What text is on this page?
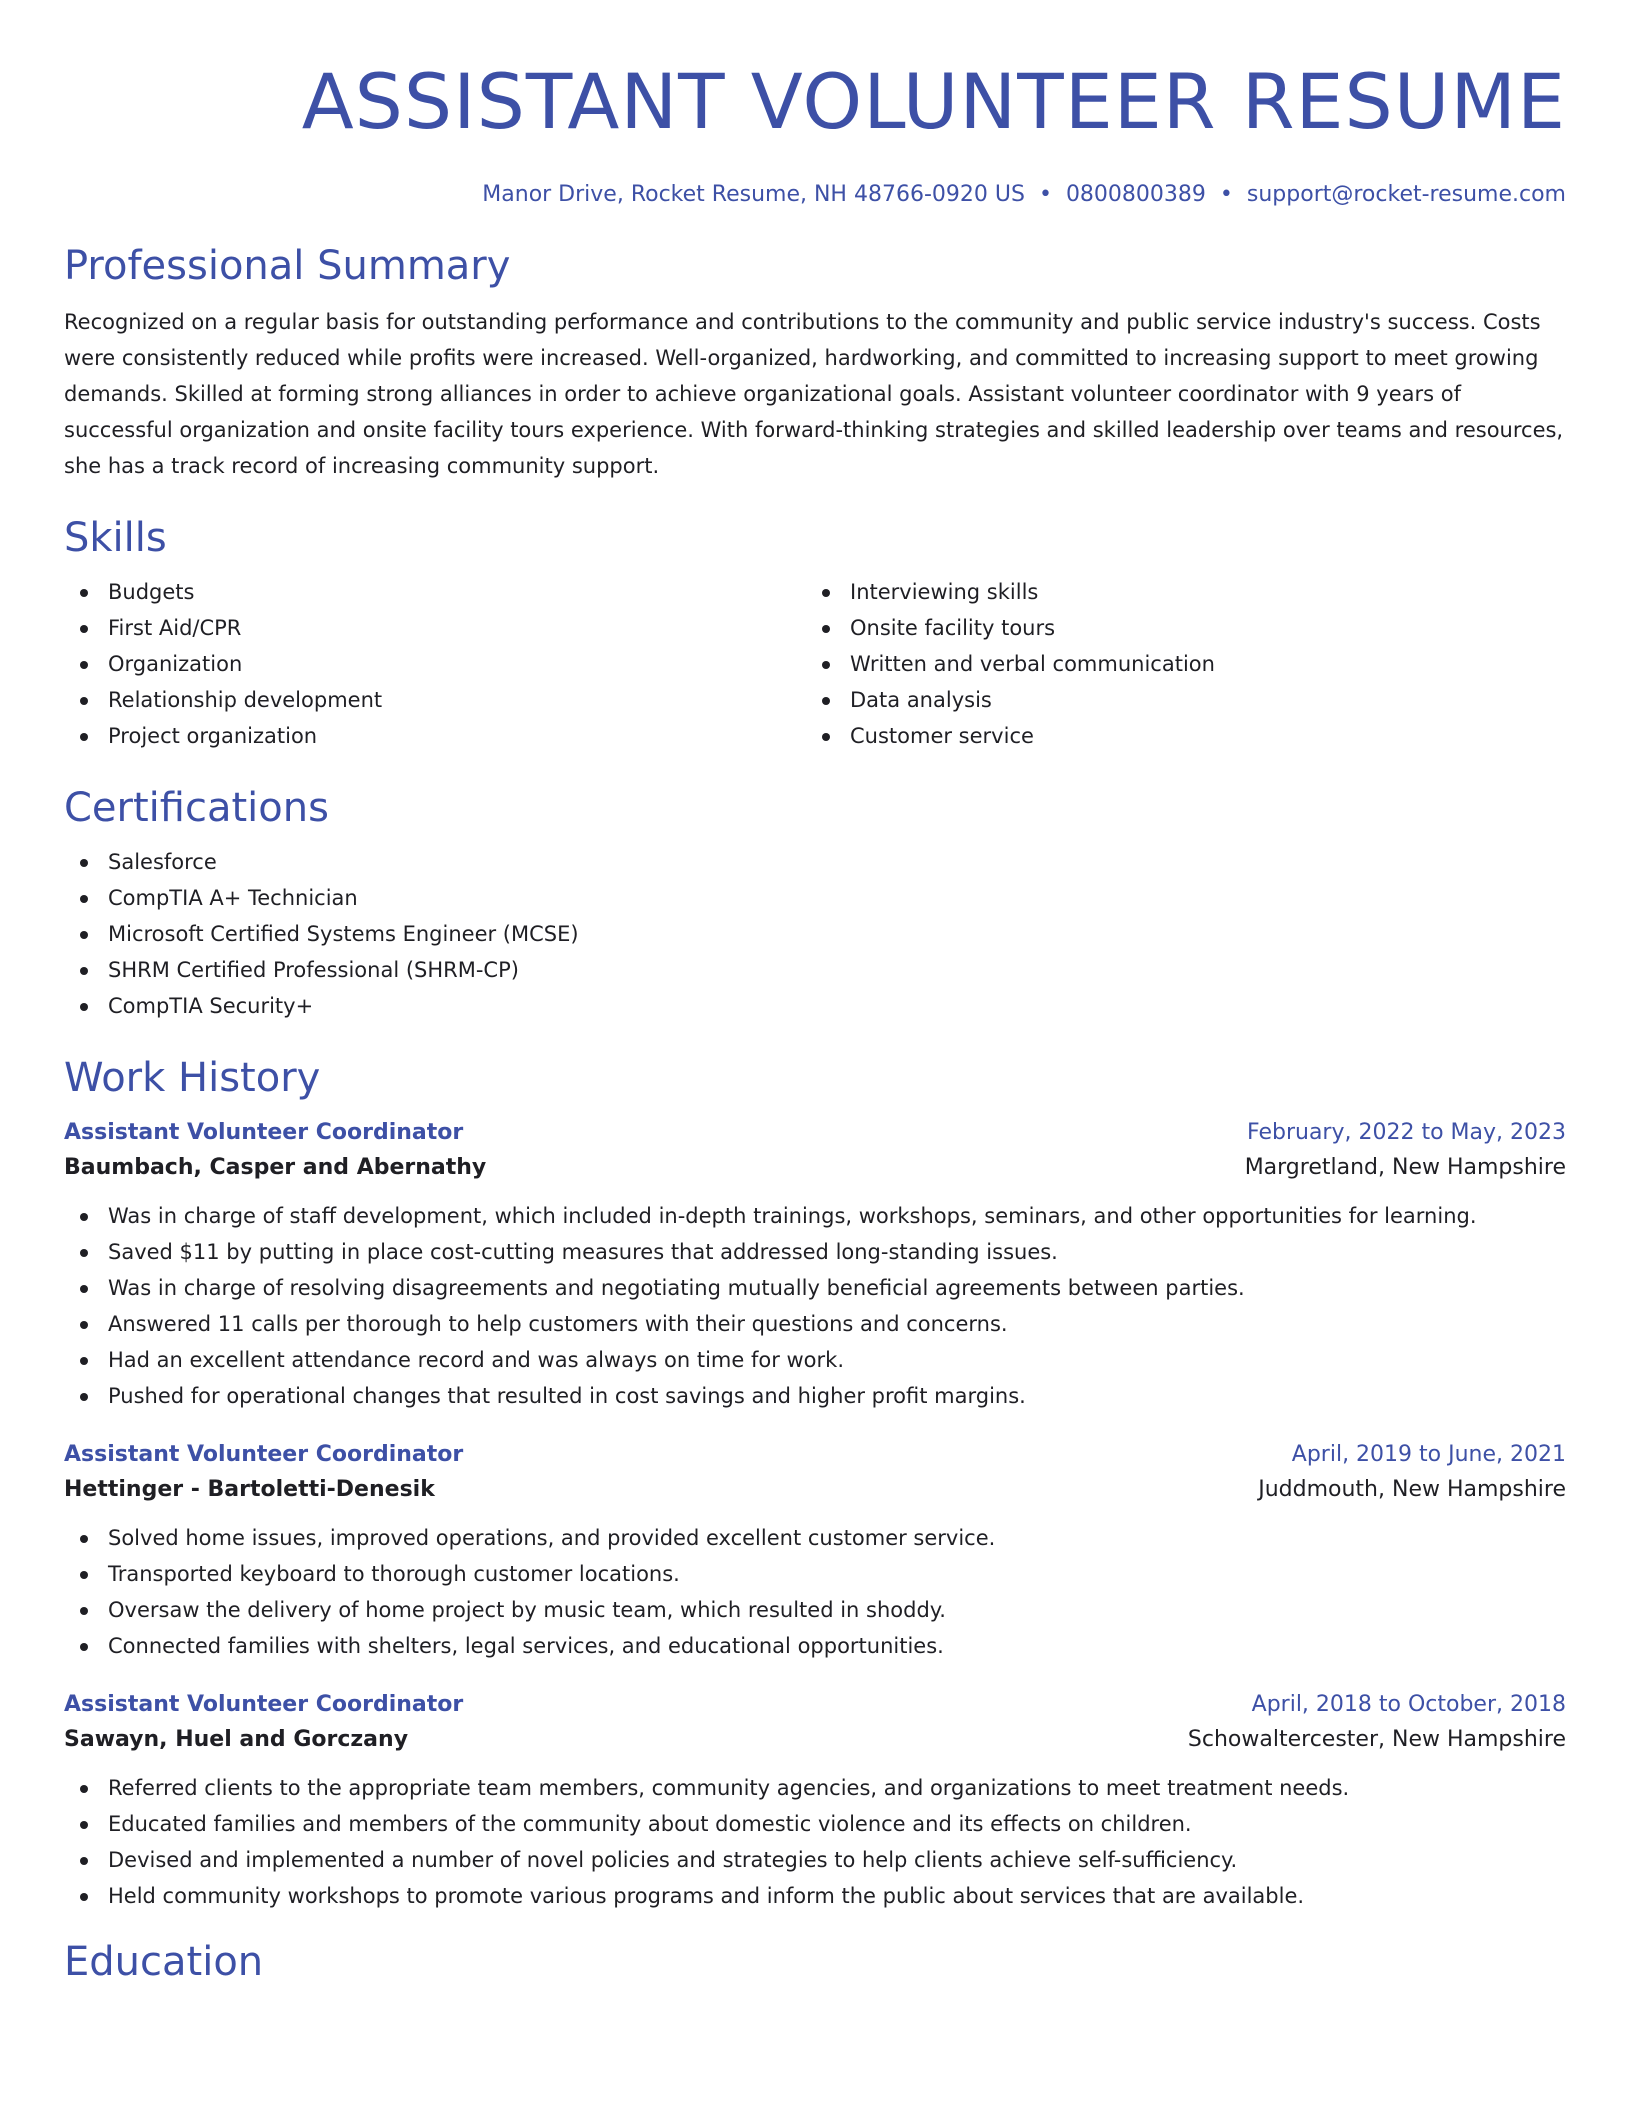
ASSISTANT VOLUNTEER RESUME
Manor Drive, Rocket Resume, NH 48766-0920 US • 0800800389 • support@rocket-resume.com
Professional Summary
Recognized on a regular basis for outstanding performance and contributions to the community and public service industry's success. Costs were consistently reduced while profits were increased. Well-organized, hardworking, and committed to increasing support to meet growing demands. Skilled at forming strong alliances in order to achieve organizational goals. Assistant volunteer coordinator with 9 years of successful organization and onsite facility tours experience. With forward-thinking strategies and skilled leadership over teams and resources, she has a track record of increasing community support.
Skills
Budgets
First Aid/CPR
Organization
Relationship development
Project organization
Interviewing skills
Onsite facility tours
Written and verbal communication
Data analysis
Customer service
Certifications
Salesforce
CompTIA A+ Technician
Microsoft Certified Systems Engineer (MCSE)
SHRM Certified Professional (SHRM-CP)
CompTIA Security+
Work History
Assistant Volunteer Coordinator	February, 2022 to May, 2023
Baumbach, Casper and Abernathy	Margretland, New Hampshire
Was in charge of staff development, which included in-depth trainings, workshops, seminars, and other opportunities for learning.
Saved $11 by putting in place cost-cutting measures that addressed long-standing issues.
Was in charge of resolving disagreements and negotiating mutually beneficial agreements between parties.
Answered 11 calls per thorough to help customers with their questions and concerns.
Had an excellent attendance record and was always on time for work.
Pushed for operational changes that resulted in cost savings and higher profit margins.
Assistant Volunteer Coordinator	April, 2019 to June, 2021
Hettinger - Bartoletti-Denesik	Juddmouth, New Hampshire
Solved home issues, improved operations, and provided excellent customer service.
Transported keyboard to thorough customer locations.
Oversaw the delivery of home project by music team, which resulted in shoddy.
Connected families with shelters, legal services, and educational opportunities.
Assistant Volunteer Coordinator	April, 2018 to October, 2018
Sawayn, Huel and Gorczany	Schowaltercester, New Hampshire
Referred clients to the appropriate team members, community agencies, and organizations to meet treatment needs.
Educated families and members of the community about domestic violence and its effects on children.
Devised and implemented a number of novel policies and strategies to help clients achieve self-sufficiency.
Held community workshops to promote various programs and inform the public about services that are available.
Education
